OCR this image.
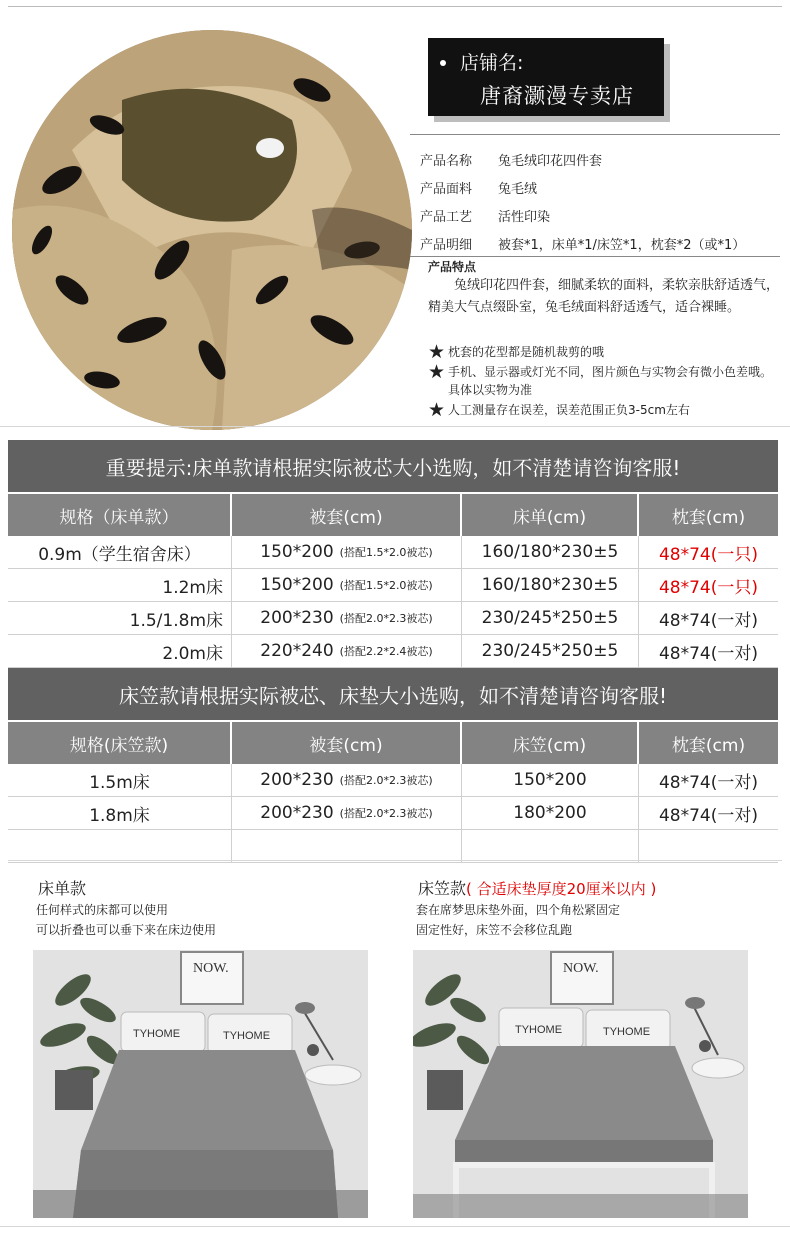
店铺名:
唐裔灏漫专卖店
产品名称	兔毛绒印花四件套
产品面料	兔毛绒
产品工艺	活性印染
产品明细	被套*1，床单*1/床笠*1，枕套*2（或*1）
产品特点
兔绒印花四件套，细腻柔软的面料，柔软亲肤舒适透气，精美大气点缀卧室，兔毛绒面料舒适透气，适合裸睡。
★ 枕套的花型都是随机裁剪的哦
★ 手机、显示器或灯光不同，图片颜色与实物会有微小色差哦。具体以实物为准
★ 人工测量存在误差，误差范围正负3-5cm左右
重要提示:床单款请根据实际被芯大小选购，如不清楚请咨询客服!
规格（床单款）	被套(cm)	床单(cm)	枕套(cm)
0.9m（学生宿舍床）	150*200 (搭配1.5*2.0被芯)	160/180*230±5	48*74(一只)
1.2m床	150*200 (搭配1.5*2.0被芯)	160/180*230±5	48*74(一只)
1.5/1.8m床	200*230 (搭配2.0*2.3被芯)	230/245*250±5	48*74(一对)
2.0m床	220*240 (搭配2.2*2.4被芯)	230/245*250±5	48*74(一对)
床笠款请根据实际被芯、床垫大小选购，如不清楚请咨询客服!
规格(床笠款)	被套(cm)	床笠(cm)	枕套(cm)
1.5m床	200*230 (搭配2.0*2.3被芯)	150*200	48*74(一对)
1.8m床	200*230 (搭配2.0*2.3被芯)	180*200	48*74(一对)
床单款
任何样式的床都可以使用
可以折叠也可以垂下来在床边使用
床笠款( 合适床垫厚度20厘米以内 )
套在席梦思床垫外面，四个角松紧固定
固定性好，床笠不会移位乱跑
NOW.
TYHOME	TYHOME
NOW.
TYHOME	TYHOME
